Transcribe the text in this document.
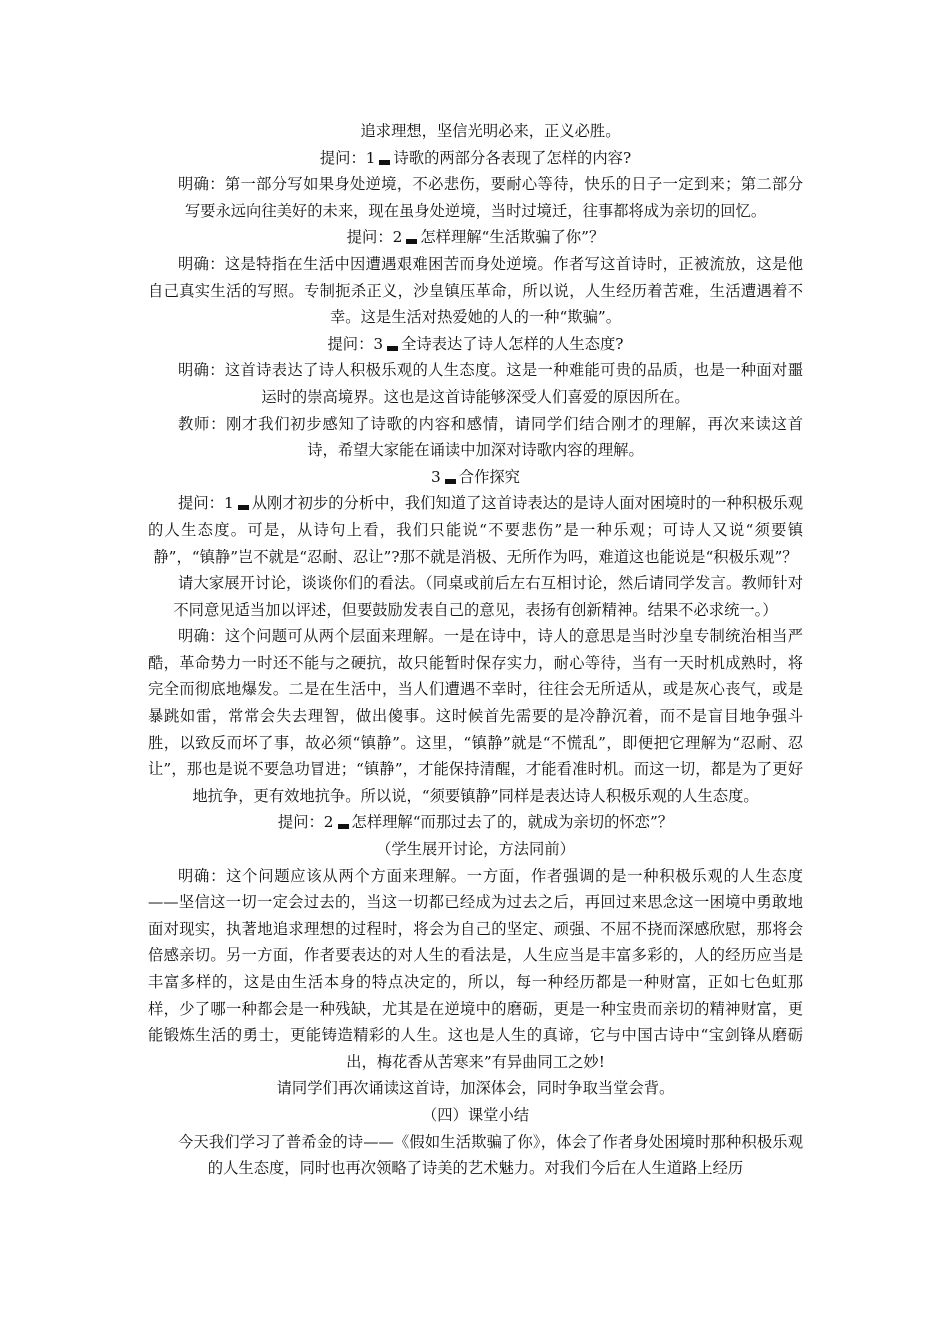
追求理想，坚信光明必来，正义必胜。

提问：1 诗歌的两部分各表现了怎样的内容?

明确：第一部分写如果身处逆境，不必悲伤，要耐心等待，快乐的日子一定到来；第二部分写要永远向往美好的未来，现在虽身处逆境，当时过境迁，往事都将成为亲切的回忆。

提问：2 怎样理解“生活欺骗了你”？

明确：这是特指在生活中因遭遇艰难困苦而身处逆境。作者写这首诗时，正被流放，这是他自己真实生活的写照。专制扼杀正义，沙皇镇压革命，所以说，人生经历着苦难，生活遭遇着不幸。这是生活对热爱她的人的一种“欺骗”。

提问：3 全诗表达了诗人怎样的人生态度?

明确：这首诗表达了诗人积极乐观的人生态度。这是一种难能可贵的品质，也是一种面对噩运时的崇高境界。这也是这首诗能够深受人们喜爱的原因所在。

教师：刚才我们初步感知了诗歌的内容和感情，请同学们结合刚才的理解，再次来读这首诗，希望大家能在诵读中加深对诗歌内容的理解。

3 合作探究

提问：1 从刚才初步的分析中，我们知道了这首诗表达的是诗人面对困境时的一种积极乐观的人生态度。可是，从诗句上看，我们只能说“不要悲伤”是一种乐观；可诗人又说“须要镇静”，“镇静”岂不就是“忍耐、忍让”?那不就是消极、无所作为吗，难道这也能说是“积极乐观”？

请大家展开讨论，谈谈你们的看法。（同桌或前后左右互相讨论，然后请同学发言。教师针对不同意见适当加以评述，但要鼓励发表自己的意见，表扬有创新精神。结果不必求统一。）

明确：这个问题可从两个层面来理解。一是在诗中，诗人的意思是当时沙皇专制统治相当严酷，革命势力一时还不能与之硬抗，故只能暂时保存实力，耐心等待，当有一天时机成熟时，将完全而彻底地爆发。二是在生活中，当人们遭遇不幸时，往往会无所适从，或是灰心丧气，或是暴跳如雷，常常会失去理智，做出傻事。这时候首先需要的是冷静沉着，而不是盲目地争强斗胜，以致反而坏了事，故必须“镇静”。这里，“镇静”就是“不慌乱”，即便把它理解为“忍耐、忍让”，那也是说不要急功冒进；“镇静”，才能保持清醒，才能看准时机。而这一切，都是为了更好地抗争，更有效地抗争。所以说，“须要镇静”同样是表达诗人积极乐观的人生态度。

提问：2 怎样理解“而那过去了的，就成为亲切的怀恋”？

（学生展开讨论，方法同前）

明确：这个问题应该从两个方面来理解。一方面，作者强调的是一种积极乐观的人生态度——坚信这一切一定会过去的，当这一切都已经成为过去之后，再回过来思念这一困境中勇敢地面对现实，执著地追求理想的过程时，将会为自己的坚定、顽强、不屈不挠而深感欣慰，那将会倍感亲切。另一方面，作者要表达的对人生的看法是，人生应当是丰富多彩的，人的经历应当是丰富多样的，这是由生活本身的特点决定的，所以，每一种经历都是一种财富，正如七色虹那样，少了哪一种都会是一种残缺，尤其是在逆境中的磨砺，更是一种宝贵而亲切的精神财富，更能锻炼生活的勇士，更能铸造精彩的人生。这也是人生的真谛，它与中国古诗中“宝剑锋从磨砺出，梅花香从苦寒来”有异曲同工之妙!

请同学们再次诵读这首诗，加深体会，同时争取当堂会背。

（四）课堂小结

今天我们学习了普希金的诗——《假如生活欺骗了你》，体会了作者身处困境时那种积极乐观的人生态度，同时也再次领略了诗美的艺术魅力。对我们今后在人生道路上经历
